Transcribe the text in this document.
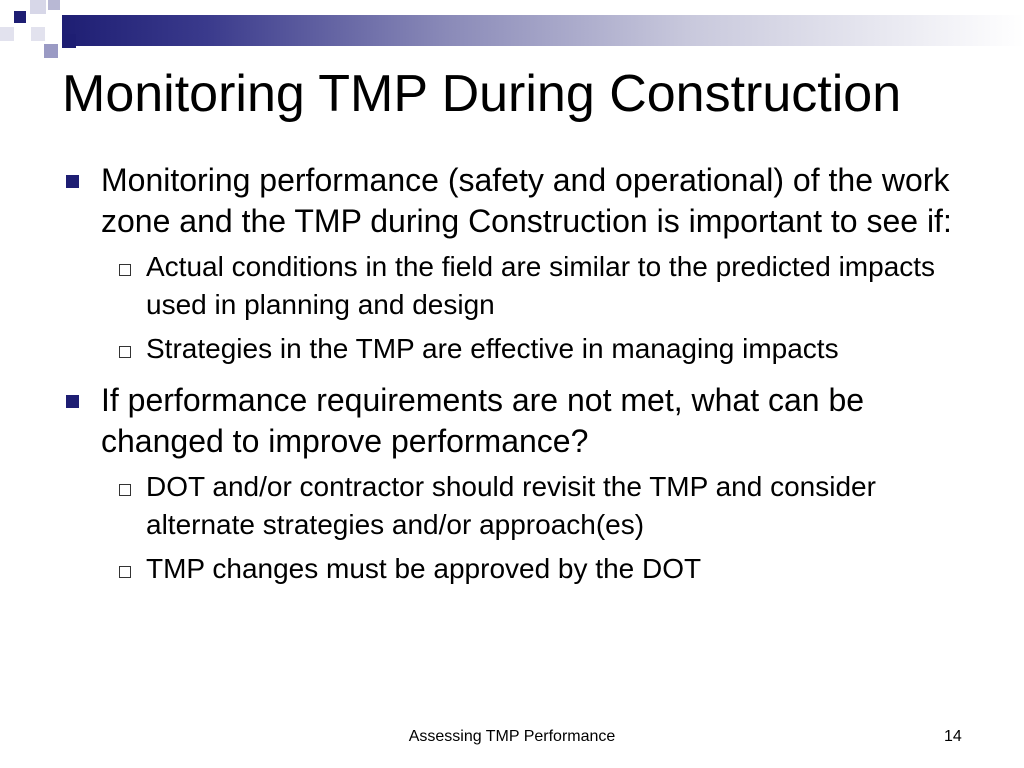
Monitoring TMP During Construction
Monitoring performance (safety and operational) of the work zone and the TMP during Construction is important to see if:
Actual conditions in the field are similar to the predicted impacts used in planning and design
Strategies in the TMP are effective in managing impacts
If performance requirements are not met, what can be changed to improve performance?
DOT and/or contractor should revisit the TMP and consider alternate strategies and/or approach(es)
TMP changes must be approved by the DOT
Assessing TMP Performance	14
